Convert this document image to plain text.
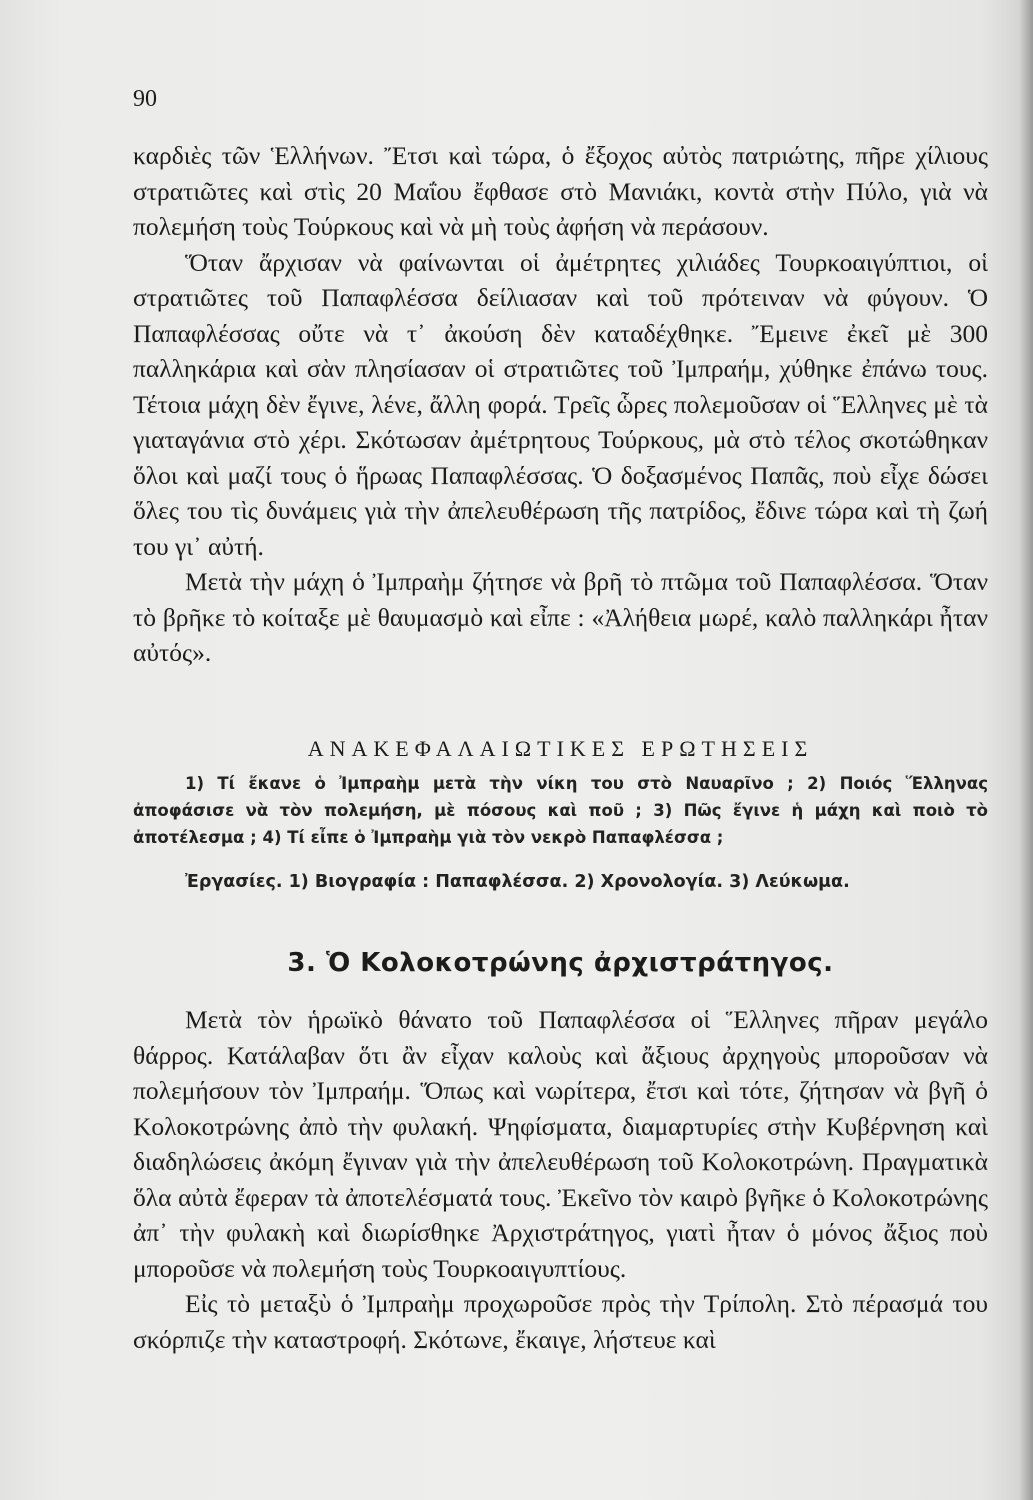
90

καρδιὲς τῶν Ἑλλήνων. Ἔτσι καὶ τώρα, ὁ ἔξοχος αὐτὸς πατριώτης, πῆρε χίλιους στρατιῶτες καὶ στὶς 20 Μαΐου ἔφθασε στὸ Μανιάκι, κοντὰ στὴν Πύλο, γιὰ νὰ πολεμήση τοὺς Τούρκους καὶ νὰ μὴ τοὺς ἀφήση νὰ περάσουν.

Ὅταν ἄρχισαν νὰ φαίνωνται οἱ ἀμέτρητες χιλιάδες Τουρκοαιγύπτιοι, οἱ στρατιῶτες τοῦ Παπαφλέσσα δείλιασαν καὶ τοῦ πρότειναν νὰ φύγουν. Ὁ Παπαφλέσσας οὔτε νὰ τ᾿ ἀκούση δὲν καταδέχθηκε. Ἔμεινε ἐκεῖ μὲ 300 παλληκάρια καὶ σὰν πλησίασαν οἱ στρατιῶτες τοῦ Ἰμπραήμ, χύθηκε ἐπάνω τους. Τέτοια μάχη δὲν ἔγινε, λένε, ἄλλη φορά. Τρεῖς ὧρες πολεμοῦσαν οἱ Ἕλληνες μὲ τὰ γιαταγάνια στὸ χέρι. Σκότωσαν ἀμέτρητους Τούρκους, μὰ στὸ τέλος σκοτώθηκαν ὅλοι καὶ μαζί τους ὁ ἥρωας Παπαφλέσσας. Ὁ δοξασμένος Παπᾶς, ποὺ εἶχε δώσει ὅλες του τὶς δυνάμεις γιὰ τὴν ἀπελευθέρωση τῆς πατρίδος, ἔδινε τώρα καὶ τὴ ζωή του γι᾿ αὐτή.

Μετὰ τὴν μάχη ὁ Ἰμπραὴμ ζήτησε νὰ βρῆ τὸ πτῶμα τοῦ Παπαφλέσσα. Ὅταν τὸ βρῆκε τὸ κοίταξε μὲ θαυμασμὸ καὶ εἶπε : «Ἀλήθεια μωρέ, καλὸ παλληκάρι ἦταν αὐτός».

ΑΝΑΚΕΦΑΛΑΙΩΤΙΚΕΣ ΕΡΩΤΗΣΕΙΣ

1) Τί ἔκανε ὁ Ἰμπραὴμ μετὰ τὴν νίκη του στὸ Ναυαρῖνο ; 2) Ποιός Ἕλληνας ἀποφάσισε νὰ τὸν πολεμήση, μὲ πόσους καὶ ποῦ ; 3) Πῶς ἔγινε ἡ μάχη καὶ ποιὸ τὸ ἀποτέλεσμα ; 4) Τί εἶπε ὁ Ἰμπραὴμ γιὰ τὸν νεκρὸ Παπαφλέσσα ;

Ἐργασίες. 1) Βιογραφία : Παπαφλέσσα. 2) Χρονολογία. 3) Λεύκωμα.
3. Ὁ Κολοκοτρώνης ἀρχιστράτηγος.

Μετὰ τὸν ἡρωϊκὸ θάνατο τοῦ Παπαφλέσσα οἱ Ἕλληνες πῆραν μεγάλο θάρρος. Κατάλαβαν ὅτι ἂν εἶχαν καλοὺς καὶ ἄξιους ἀρχηγοὺς μποροῦσαν νὰ πολεμήσουν τὸν Ἰμπραήμ. Ὅπως καὶ νωρίτερα, ἔτσι καὶ τότε, ζήτησαν νὰ βγῆ ὁ Κολοκοτρώνης ἀπὸ τὴν φυλακή. Ψηφίσματα, διαμαρτυρίες στὴν Κυβέρνηση καὶ διαδηλώσεις ἀκόμη ἔγιναν γιὰ τὴν ἀπελευθέρωση τοῦ Κολοκοτρώνη. Πραγματικὰ ὅλα αὐτὰ ἔφεραν τὰ ἀποτελέσματά τους. Ἐκεῖνο τὸν καιρὸ βγῆκε ὁ Κολοκοτρώνης ἀπ᾿ τὴν φυλακὴ καὶ διωρίσθηκε Ἀρχιστράτηγος, γιατὶ ἦταν ὁ μόνος ἄξιος ποὺ μποροῦσε νὰ πολεμήση τοὺς Τουρκοαιγυπτίους.

Εἰς τὸ μεταξὺ ὁ Ἰμπραὴμ προχωροῦσε πρὸς τὴν Τρίπολη. Στὸ πέρασμά του σκόρπιζε τὴν καταστροφή. Σκότωνε, ἔκαιγε, λήστευε καὶ
